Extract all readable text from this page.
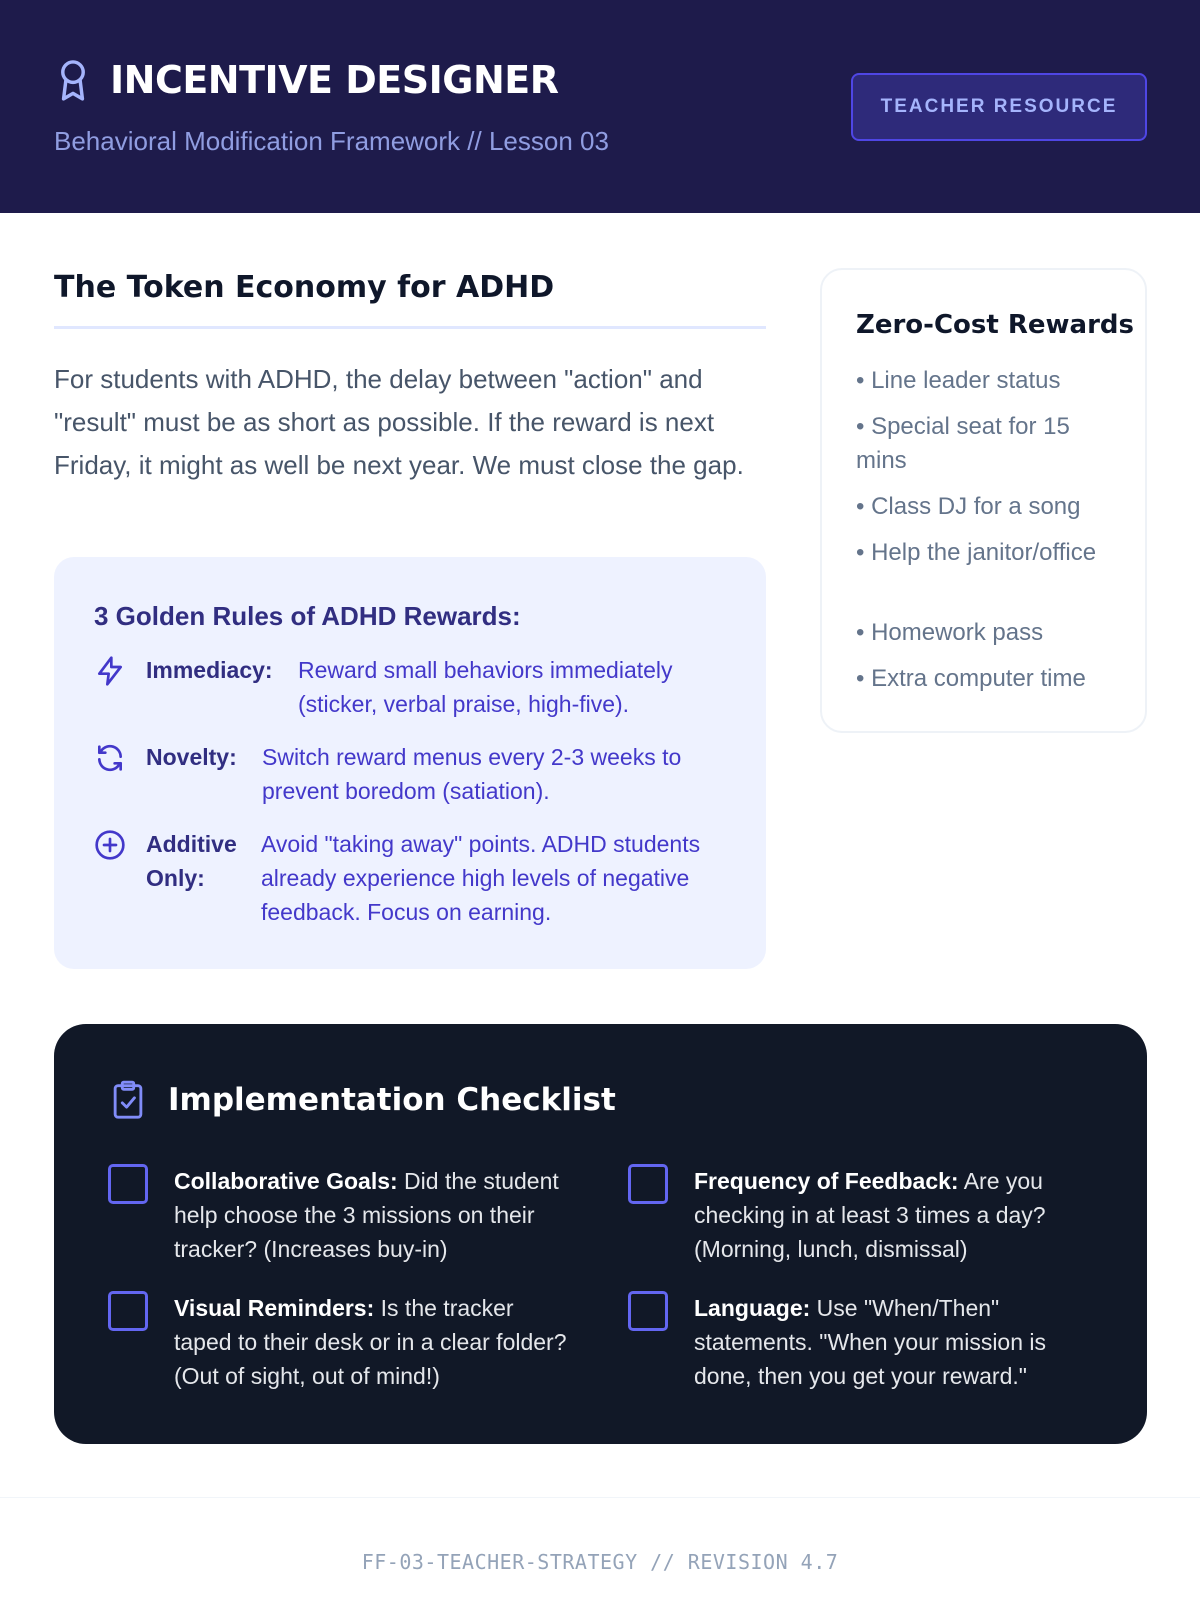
INCENTIVE DESIGNER
Behavioral Modification Framework // Lesson 03
TEACHER RESOURCE
The Token Economy for ADHD

For students with ADHD, the delay between "action" and "result" must be as short as possible. If the reward is next Friday, it might as well be next year. We must close the gap.

3 Golden Rules of ADHD Rewards:
Immediacy:	Reward small behaviors immediately (sticker, verbal praise, high-five).
Novelty:	Switch reward menus every 2-3 weeks to prevent boredom (satiation).
Additive Only:
Avoid "taking away" points. ADHD students already experience high levels of negative feedback. Focus on earning.
Zero-Cost Rewards
• Line leader status
• Special seat for 15 mins
• Class DJ for a song
• Help the janitor/office
• Homework pass
• Extra computer time
Implementation Checklist
Collaborative Goals: Did the student help choose the 3 missions on their tracker? (Increases buy-in)
Frequency of Feedback: Are you checking in at least 3 times a day? (Morning, lunch, dismissal)
Visual Reminders: Is the tracker taped to their desk or in a clear folder? (Out of sight, out of mind!)
Language: Use "When/Then" statements. "When your mission is done, then you get your reward."
FF-03-TEACHER-STRATEGY // REVISION 4.7
